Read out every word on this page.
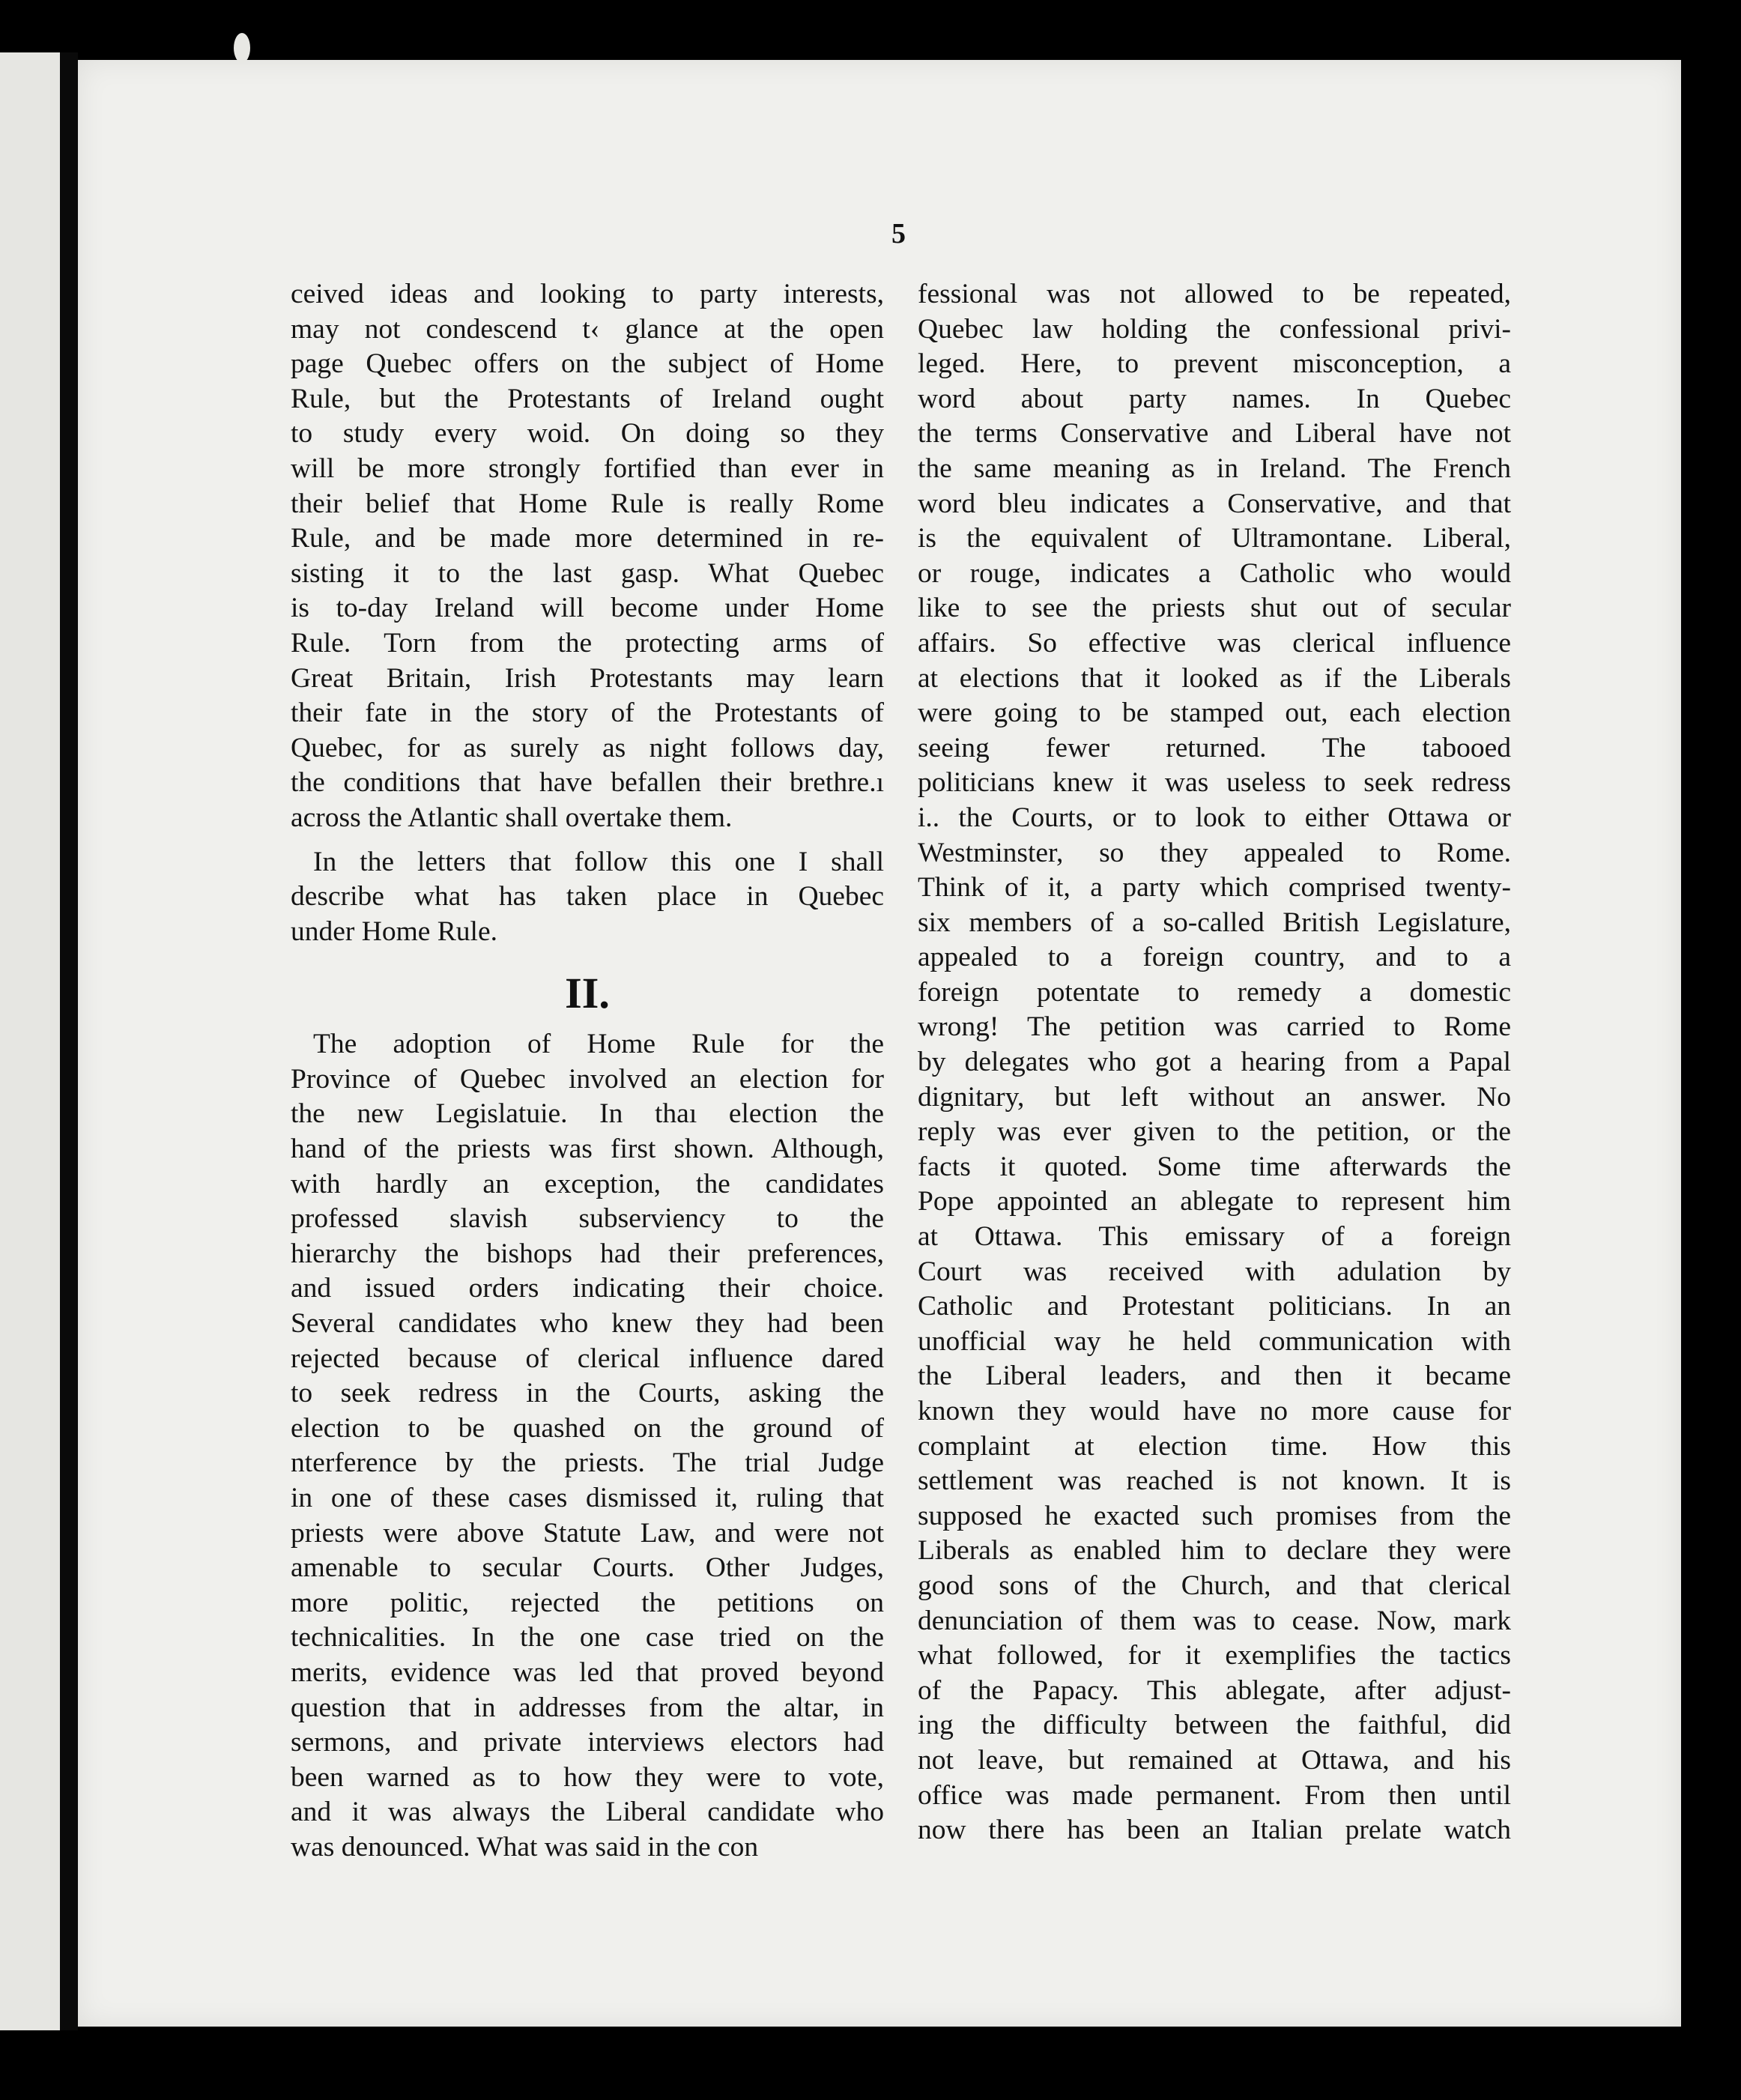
5
ceived ideas and looking to party interests,
may not condescend t‹ glance at the open
page Quebec offers on the subject of Home
Rule, but the Protestants of Ireland ought
to study every woid. On doing so they
will be more strongly fortified than ever in
their belief that Home Rule is really Rome
Rule, and be made more determined in re-
sisting it to the last gasp. What Quebec
is to-day Ireland will become under Home
Rule. Torn from the protecting arms of
Great Britain, Irish Protestants may learn
their fate in the story of the Protestants of
Quebec, for as surely as night follows day,
the conditions that have befallen their brethre.ı
across the Atlantic shall overtake them.
In the letters that follow this one I shall
describe what has taken place in Quebec
under Home Rule.
II.
The adoption of Home Rule for the
Province of Quebec involved an election for
the new Legislatuie. In thaı election the
hand of the priests was first shown. Although,
with hardly an exception, the candidates
professed slavish subserviency to the
hierarchy the bishops had their preferences,
and issued orders indicating their choice.
Several candidates who knew they had been
rejected because of clerical influence dared
to seek redress in the Courts, asking the
election to be quashed on the ground of
nterference by the priests. The trial Judge
in one of these cases dismissed it, ruling that
priests were above Statute Law, and were not
amenable to secular Courts. Other Judges,
more politic, rejected the petitions on
technicalities. In the one case tried on the
merits, evidence was led that proved beyond
question that in addresses from the altar, in
sermons, and private interviews electors had
been warned as to how they were to vote,
and it was always the Liberal candidate who
was denounced. What was said in the con
fessional was not allowed to be repeated,
Quebec law holding the confessional privi-
leged. Here, to prevent misconception, a
word about party names. In Quebec
the terms Conservative and Liberal have not
the same meaning as in Ireland. The French
word bleu indicates a Conservative, and that
is the equivalent of Ultramontane. Liberal,
or rouge, indicates a Catholic who would
like to see the priests shut out of secular
affairs. So effective was clerical influence
at elections that it looked as if the Liberals
were going to be stamped out, each election
seeing fewer returned. The tabooed
politicians knew it was useless to seek redress
i.. the Courts, or to look to either Ottawa or
Westminster, so they appealed to Rome.
Think of it, a party which comprised twenty-
six members of a so-called British Legislature,
appealed to a foreign country, and to a
foreign potentate to remedy a domestic
wrong! The petition was carried to Rome
by delegates who got a hearing from a Papal
dignitary, but left without an answer. No
reply was ever given to the petition, or the
facts it quoted. Some time afterwards the
Pope appointed an ablegate to represent him
at Ottawa. This emissary of a foreign
Court was received with adulation by
Catholic and Protestant politicians. In an
unofficial way he held communication with
the Liberal leaders, and then it became
known they would have no more cause for
complaint at election time. How this
settlement was reached is not known. It is
supposed he exacted such promises from the
Liberals as enabled him to declare they were
good sons of the Church, and that clerical
denunciation of them was to cease. Now, mark
what followed, for it exemplifies the tactics
of the Papacy. This ablegate, after adjust-
ing the difficulty between the faithful, did
not leave, but remained at Ottawa, and his
office was made permanent. From then until
now there has been an Italian prelate watch
